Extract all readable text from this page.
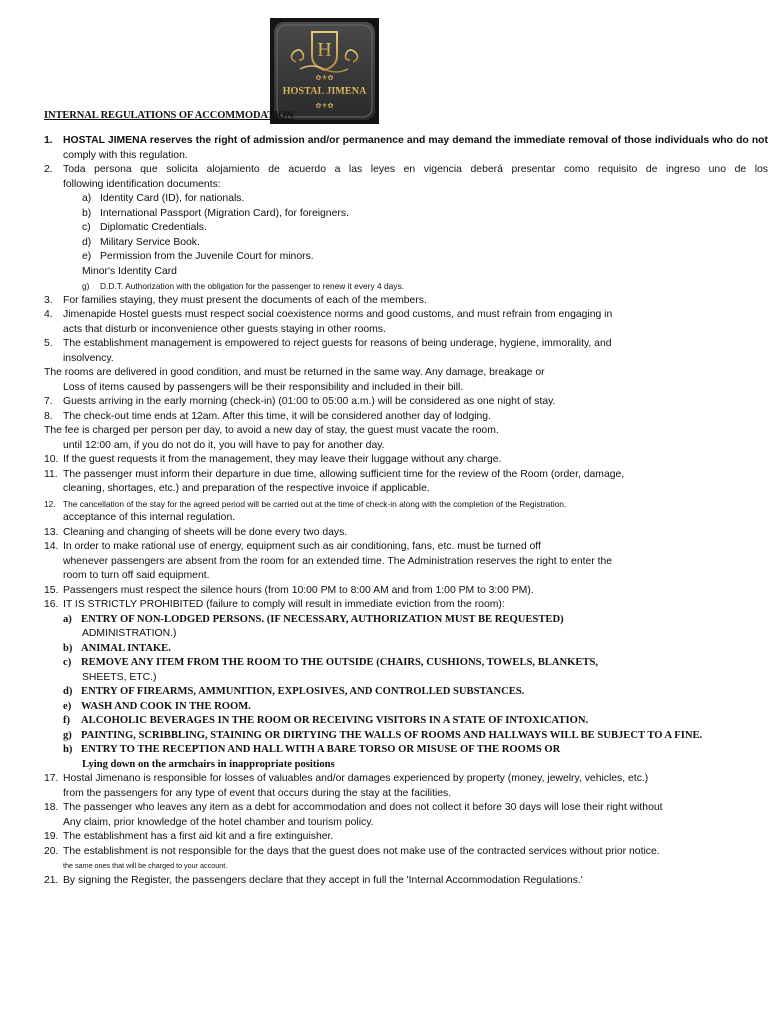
H
✿⚜✿
HOSTAL JIMENA
✿⚜✿
INTERNAL REGULATIONS OF ACCOMMODATION
1. HOSTAL JIMENA reserves the right of admission and/or permanence and may demand the immediate removal of those individuals who do not
comply with this regulation.
2. Toda persona que solicita alojamiento de acuerdo a las leyes en vigencia deberá presentar como requisito de ingreso uno de los
following identification documents:
a) Identity Card (ID), for nationals.
b) International Passport (Migration Card), for foreigners.
c) Diplomatic Credentials.
d) Military Service Book.
e) Permission from the Juvenile Court for minors.
Minor's Identity Card
g) D.D.T. Authorization with the obligation for the passenger to renew it every 4 days.
3. For families staying, they must present the documents of each of the members.
4. Jimenapide Hostel guests must respect social coexistence norms and good customs, and must refrain from engaging in
acts that disturb or inconvenience other guests staying in other rooms.
5. The establishment management is empowered to reject guests for reasons of being underage, hygiene, immorality, and
insolvency.
The rooms are delivered in good condition, and must be returned in the same way. Any damage, breakage or
Loss of items caused by passengers will be their responsibility and included in their bill.
7. Guests arriving in the early morning (check-in) (01:00 to 05:00 a.m.) will be considered as one night of stay.
8. The check-out time ends at 12am. After this time, it will be considered another day of lodging.
The fee is charged per person per day, to avoid a new day of stay, the guest must vacate the room.
until 12:00 am, if you do not do it, you will have to pay for another day.
10. If the guest requests it from the management, they may leave their luggage without any charge.
11. The passenger must inform their departure in due time, allowing sufficient time for the review of the Room (order, damage,
cleaning, shortages, etc.) and preparation of the respective invoice if applicable.
12. The cancellation of the stay for the agreed period will be carried out at the time of check-in along with the completion of the Registration.
acceptance of this internal regulation.
13. Cleaning and changing of sheets will be done every two days.
14. In order to make rational use of energy, equipment such as air conditioning, fans, etc. must be turned off
whenever passengers are absent from the room for an extended time. The Administration reserves the right to enter the
room to turn off said equipment.
15. Passengers must respect the silence hours (from 10:00 PM to 8:00 AM and from 1:00 PM to 3:00 PM).
16. IT IS STRICTLY PROHIBITED (failure to comply will result in immediate eviction from the room):
a) ENTRY OF NON-LODGED PERSONS. (IF NECESSARY, AUTHORIZATION MUST BE REQUESTED)
ADMINISTRATION.)
b) ANIMAL INTAKE.
c) REMOVE ANY ITEM FROM THE ROOM TO THE OUTSIDE (CHAIRS, CUSHIONS, TOWELS, BLANKETS,
SHEETS, ETC.)
d) ENTRY OF FIREARMS, AMMUNITION, EXPLOSIVES, AND CONTROLLED SUBSTANCES.
e) WASH AND COOK IN THE ROOM.
f) ALCOHOLIC BEVERAGES IN THE ROOM OR RECEIVING VISITORS IN A STATE OF INTOXICATION.
g) PAINTING, SCRIBBLING, STAINING OR DIRTYING THE WALLS OF ROOMS AND HALLWAYS WILL BE SUBJECT TO A FINE.
h) ENTRY TO THE RECEPTION AND HALL WITH A BARE TORSO OR MISUSE OF THE ROOMS OR
Lying down on the armchairs in inappropriate positions
17. Hostal Jimenano is responsible for losses of valuables and/or damages experienced by property (money, jewelry, vehicles, etc.)
from the passengers for any type of event that occurs during the stay at the facilities.
18. The passenger who leaves any item as a debt for accommodation and does not collect it before 30 days will lose their right without
Any claim, prior knowledge of the hotel chamber and tourism policy.
19. The establishment has a first aid kit and a fire extinguisher.
20. The establishment is not responsible for the days that the guest does not make use of the contracted services without prior notice.
the same ones that will be charged to your account.
21. By signing the Register, the passengers declare that they accept in full the 'Internal Accommodation Regulations.'
